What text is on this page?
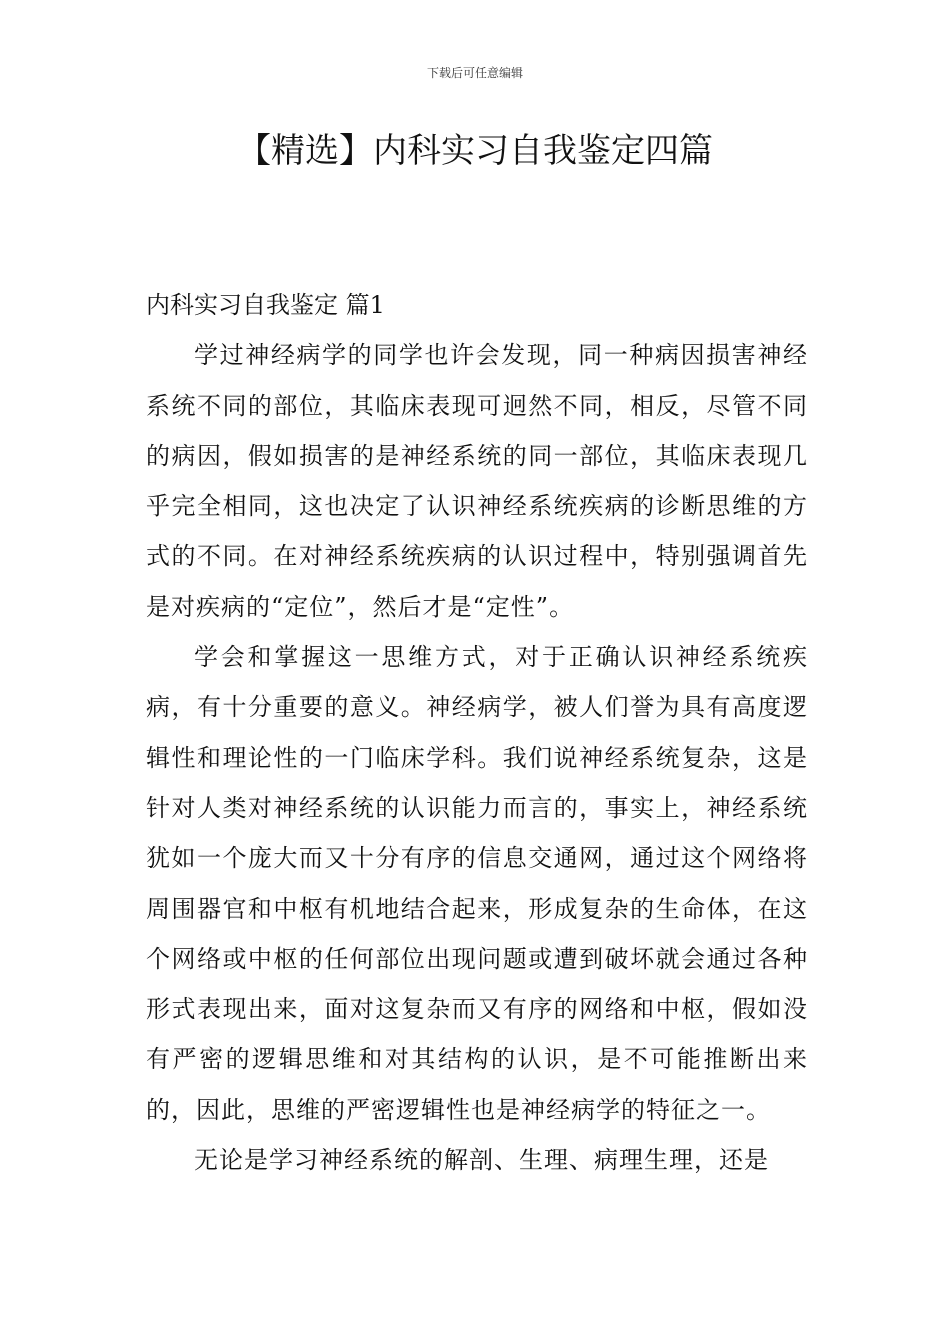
下载后可任意编辑
【精选】内科实习自我鉴定四篇
内科实习自我鉴定 篇1

学过神经病学的同学也许会发现，同一种病因损害神经系统不同的部位，其临床表现可迥然不同，相反，尽管不同的病因，假如损害的是神经系统的同一部位，其临床表现几乎完全相同，这也决定了认识神经系统疾病的诊断思维的方式的不同。在对神经系统疾病的认识过程中，特别强调首先是对疾病的“定位”，然后才是“定性”。

学会和掌握这一思维方式，对于正确认识神经系统疾病，有十分重要的意义。神经病学，被人们誉为具有高度逻辑性和理论性的一门临床学科。我们说神经系统复杂，这是针对人类对神经系统的认识能力而言的，事实上，神经系统犹如一个庞大而又十分有序的信息交通网，通过这个网络将周围器官和中枢有机地结合起来，形成复杂的生命体，在这个网络或中枢的任何部位出现问题或遭到破坏就会通过各种形式表现出来，面对这复杂而又有序的网络和中枢，假如没有严密的逻辑思维和对其结构的认识，是不可能推断出来的，因此，思维的严密逻辑性也是神经病学的特征之一。

无论是学习神经系统的解剖、生理、病理生理，还是
